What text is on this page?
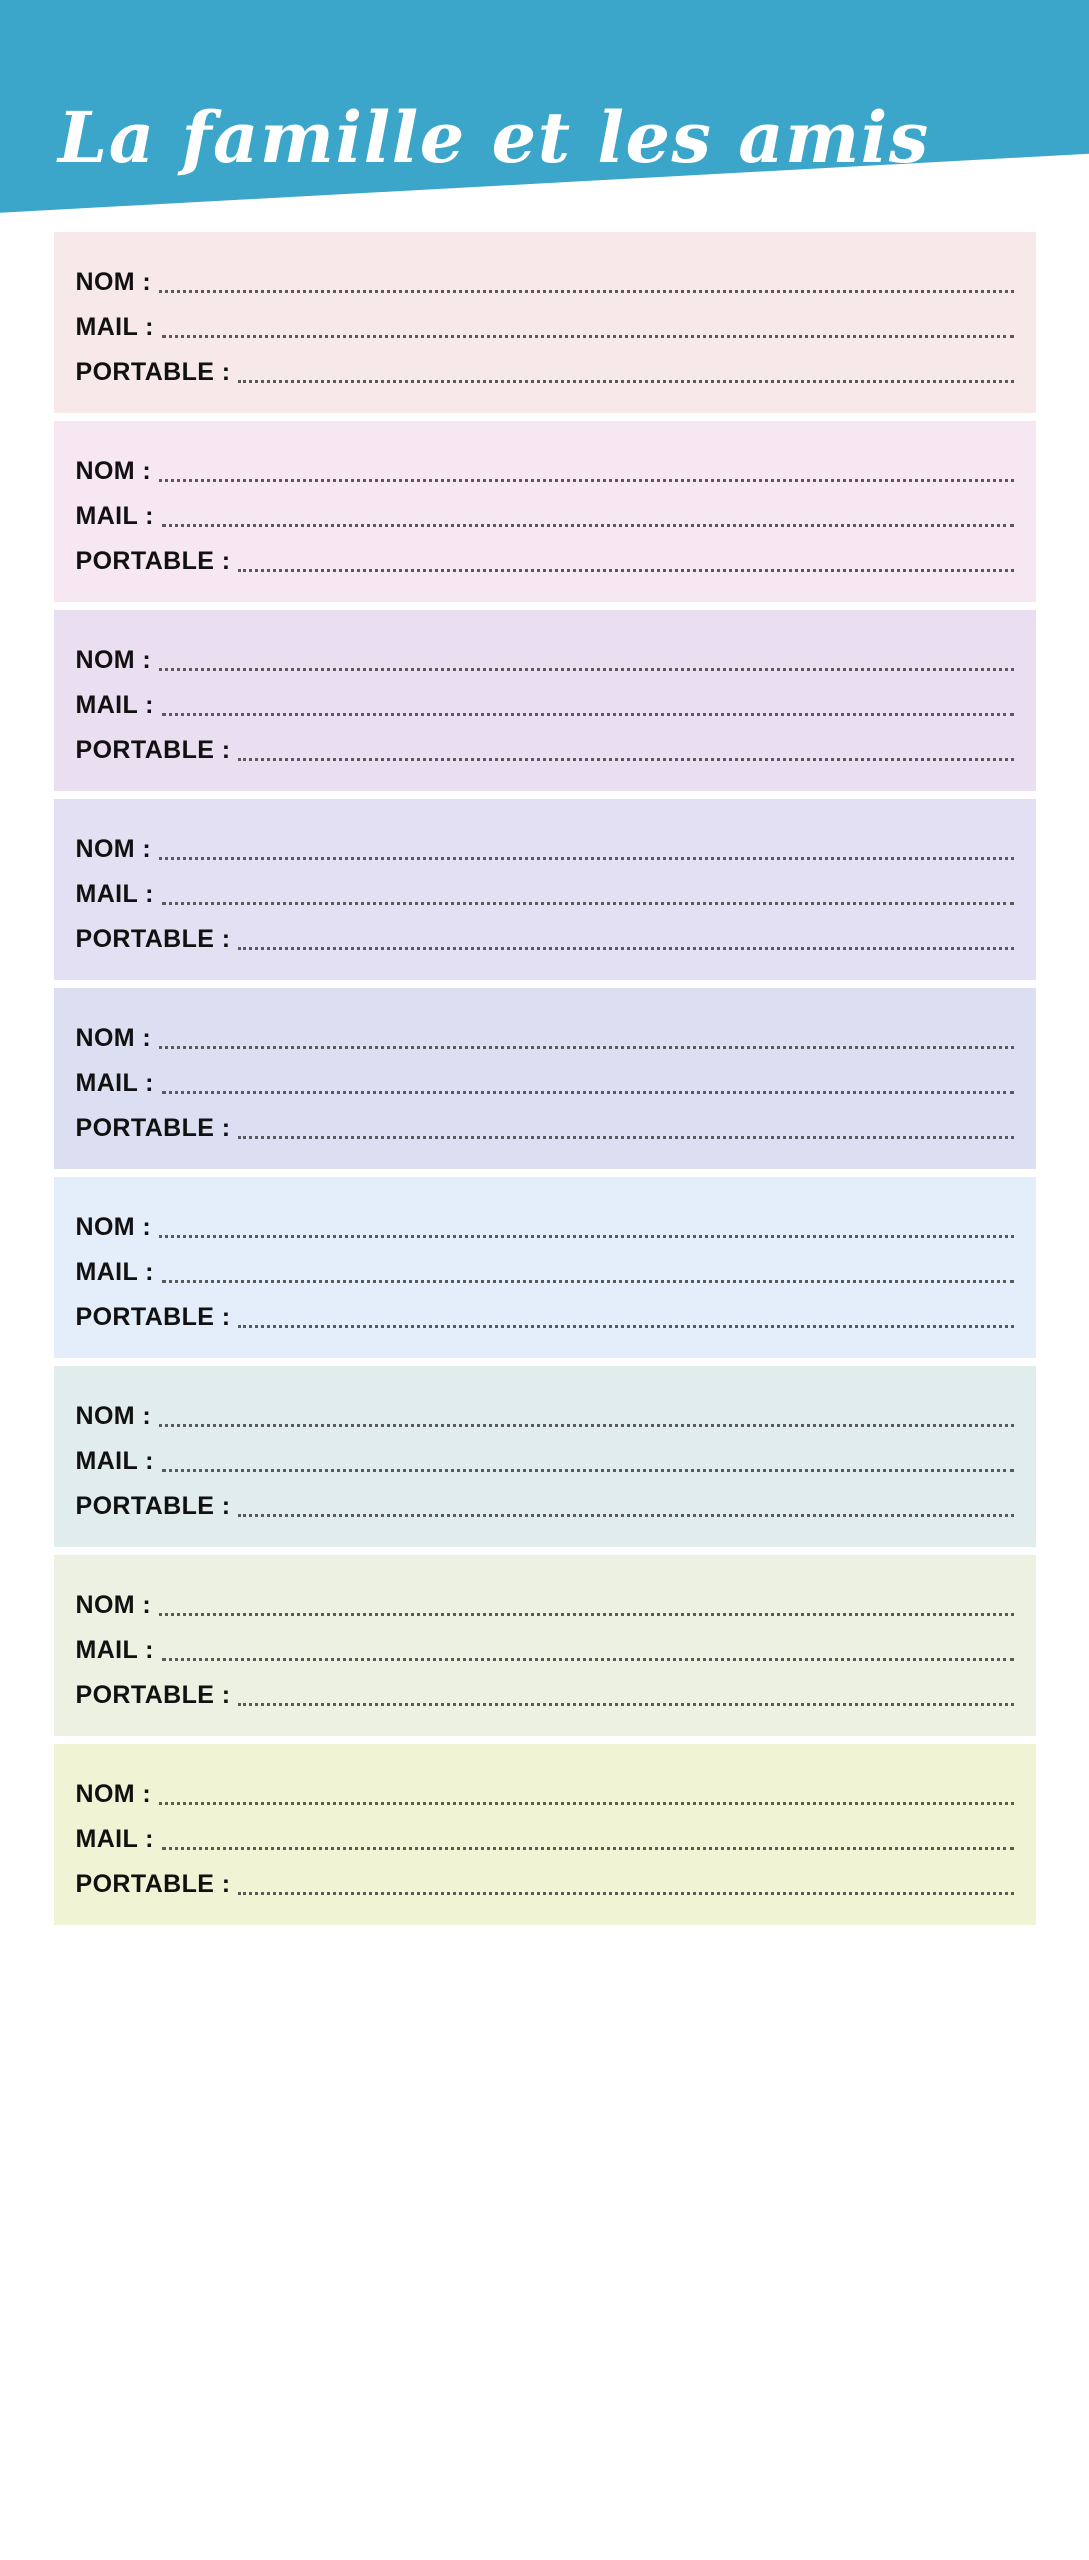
La famille et les amis
NOM :
MAIL :
PORTABLE :
NOM :
MAIL :
PORTABLE :
NOM :
MAIL :
PORTABLE :
NOM :
MAIL :
PORTABLE :
NOM :
MAIL :
PORTABLE :
NOM :
MAIL :
PORTABLE :
NOM :
MAIL :
PORTABLE :
NOM :
MAIL :
PORTABLE :
NOM :
MAIL :
PORTABLE :
